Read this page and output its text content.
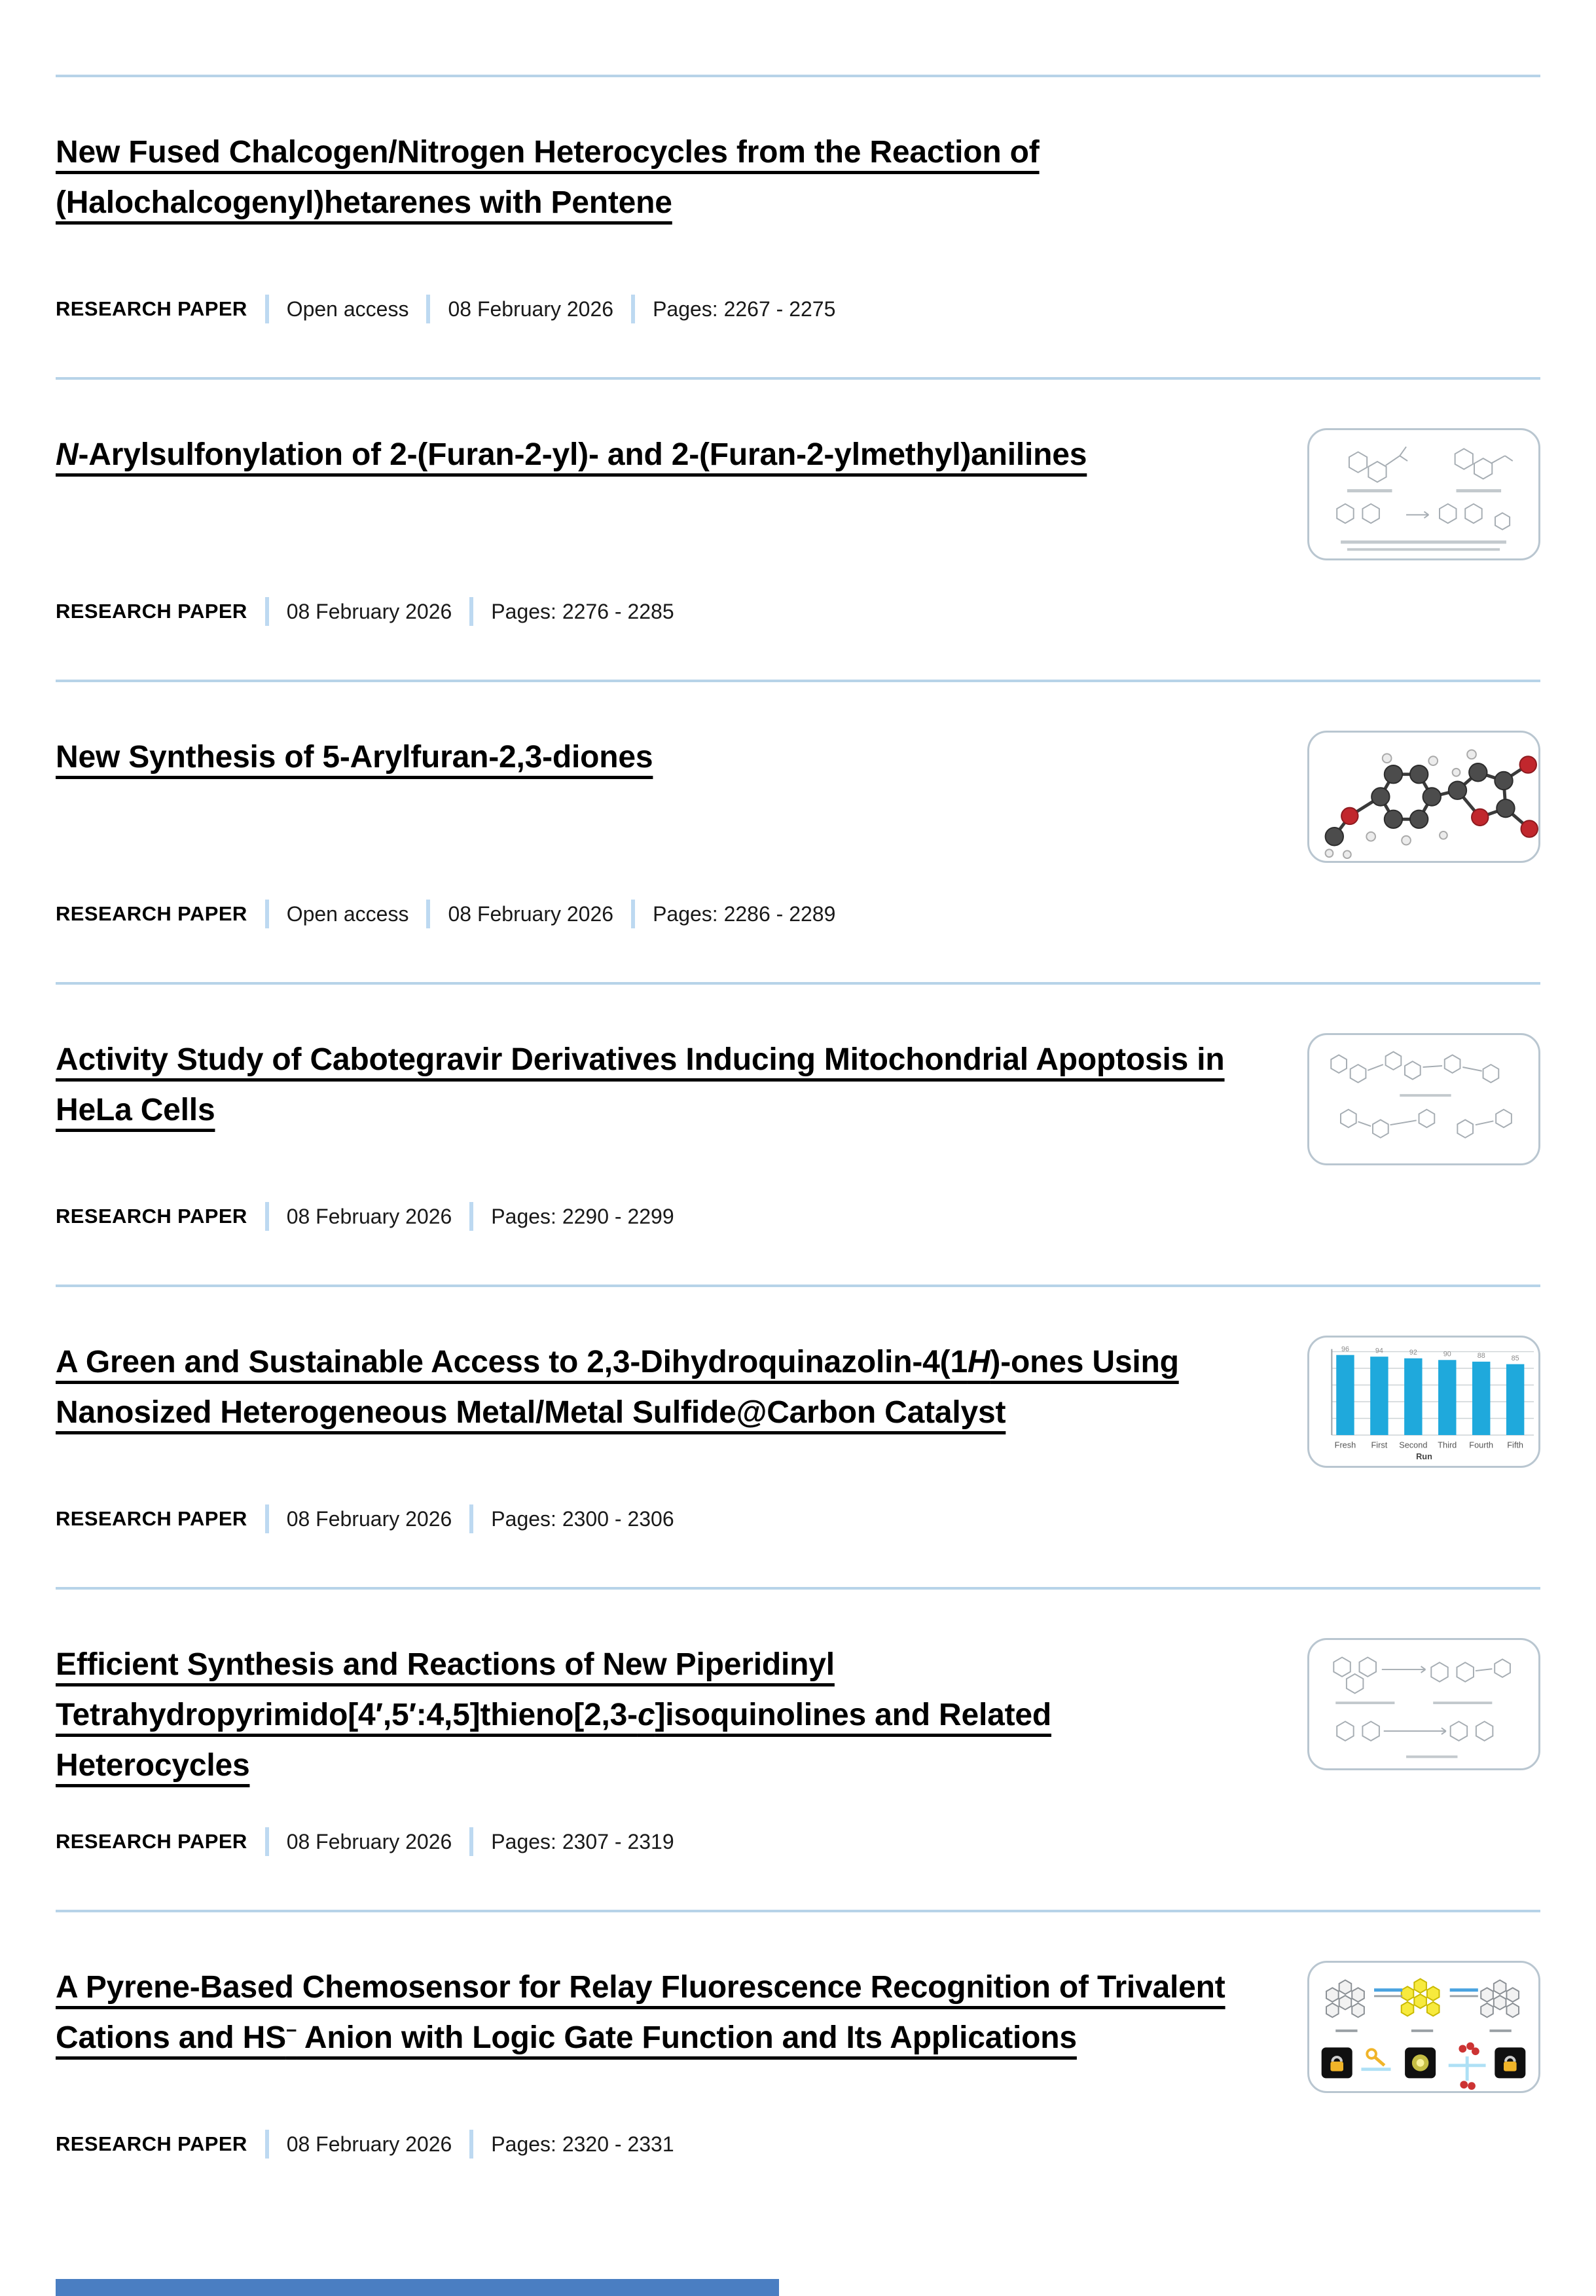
New Fused Chalcogen/Nitrogen Heterocycles from the Reaction of (Halochalcogenyl)hetarenes with Pentene
RESEARCH PAPER Open access 08 February 2026 Pages: 2267 - 2275
N-Arylsulfonylation of 2-(Furan-2-yl)- and 2-(Furan-2-ylmethyl)anilines
RESEARCH PAPER 08 February 2026 Pages: 2276 - 2285
New Synthesis of 5-Arylfuran-2,3-diones
RESEARCH PAPER Open access 08 February 2026 Pages: 2286 - 2289
Activity Study of Cabotegravir Derivatives Inducing Mitochondrial Apoptosis in HeLa Cells
RESEARCH PAPER 08 February 2026 Pages: 2290 - 2299
A Green and Sustainable Access to 2,3-Dihydroquinazolin-4(1H)-ones Using Nanosized Heterogeneous Metal/Metal Sulfide@Carbon Catalyst
RESEARCH PAPER 08 February 2026 Pages: 2300 - 2306
96
Fresh
94
First
92
Second
90
Third
88
Fourth
85
Fifth
Run
Efficient Synthesis and Reactions of New Piperidinyl Tetrahydropyrimido[4′,5′:4,5]thieno[2,3-c]isoquinolines and Related Heterocycles
RESEARCH PAPER 08 February 2026 Pages: 2307 - 2319
A Pyrene-Based Chemosensor for Relay Fluorescence Recognition of Trivalent Cations and HS− Anion with Logic Gate Function and Its Applications
RESEARCH PAPER 08 February 2026 Pages: 2320 - 2331
